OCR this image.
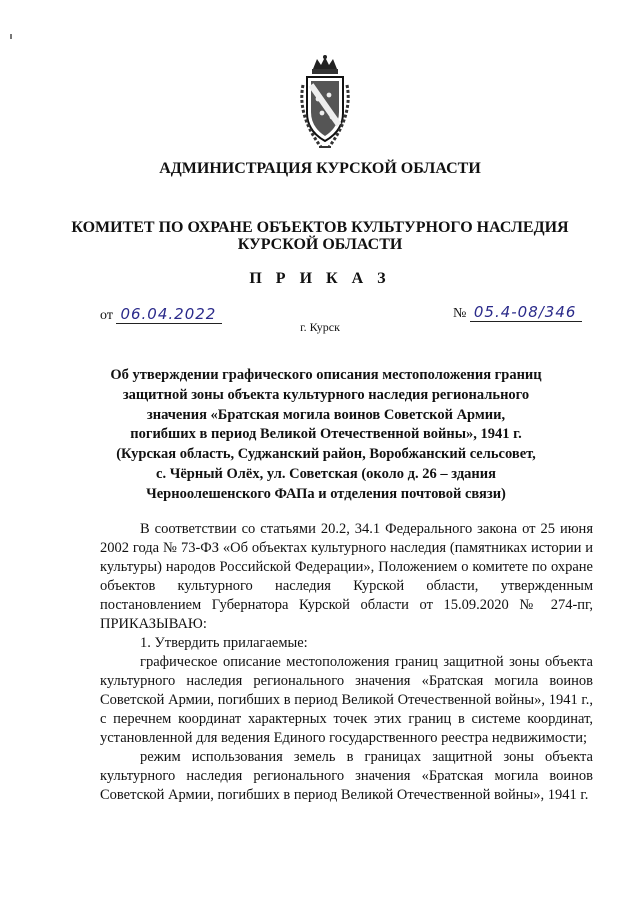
АДМИНИСТРАЦИЯ КУРСКОЙ ОБЛАСТИ
КОМИТЕТ ПО ОХРАНЕ ОБЪЕКТОВ КУЛЬТУРНОГО НАСЛЕДИЯ
КУРСКОЙ ОБЛАСТИ
П Р И К А З
от 06.04.2022	№ 05.4-08/346
г. Курск
Об утверждении графического описания местоположения границ
защитной зоны объекта культурного наследия регионального
значения «Братская могила воинов Советской Армии,
погибших в период Великой Отечественной войны», 1941 г.
(Курская область, Суджанский район, Воробжанский сельсовет,
с. Чёрный Олёх, ул. Советская (около д. 26 – здания
Черноолешенского ФАПа и отделения почтовой связи)

В соответствии со статьями 20.2, 34.1 Федерального закона от 25 июня 2002 года № 73-ФЗ «Об объектах культурного наследия (памятниках истории и культуры) народов Российской Федерации», Положением о комитете по охране объектов культурного наследия Курской области, утвержденным постановлением Губернатора Курской области от 15.09.2020 № 274-пг, ПРИКАЗЫВАЮ:

1. Утвердить прилагаемые:

графическое описание местоположения границ защитной зоны объекта культурного наследия регионального значения «Братская могила воинов Советской Армии, погибших в период Великой Отечественной войны», 1941 г., с перечнем координат характерных точек этих границ в системе координат, установленной для ведения Единого государственного реестра недвижимости;

режим использования земель в границах защитной зоны объекта культурного наследия регионального значения «Братская могила воинов Советской Армии, погибших в период Великой Отечественной войны», 1941 г.
